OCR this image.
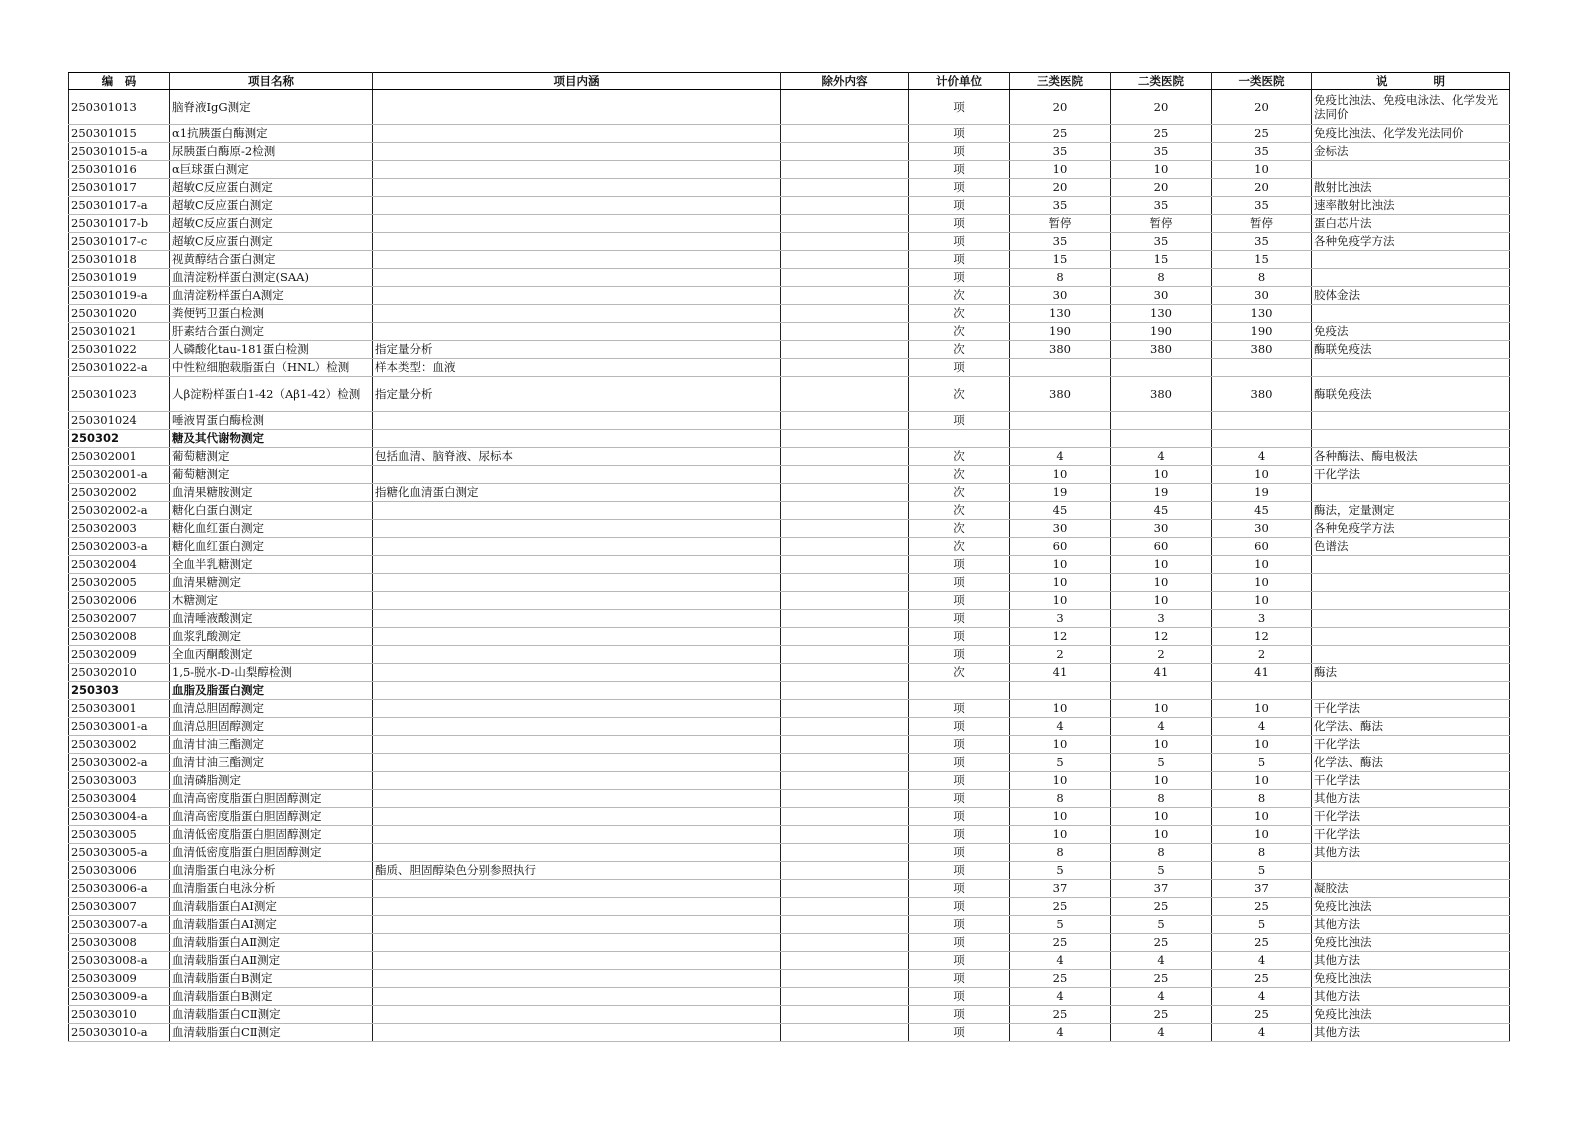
编　码	项目名称	项目内涵	除外内容	计价单位	三类医院	二类医院	一类医院	说　　　　明
250301013	脑脊液IgG测定			项	20	20	20	免疫比浊法、免疫电泳法、化学发光法同价
250301015	α1抗胰蛋白酶测定			项	25	25	25	免疫比浊法、化学发光法同价
250301015-a	尿胰蛋白酶原-2检测			项	35	35	35	金标法
250301016	α巨球蛋白测定			项	10	10	10	
250301017	超敏C反应蛋白测定			项	20	20	20	散射比浊法
250301017-a	超敏C反应蛋白测定			项	35	35	35	速率散射比浊法
250301017-b	超敏C反应蛋白测定			项	暂停	暂停	暂停	蛋白芯片法
250301017-c	超敏C反应蛋白测定			项	35	35	35	各种免疫学方法
250301018	视黄醇结合蛋白测定			项	15	15	15	
250301019	血清淀粉样蛋白测定(SAA)			项	8	8	8	
250301019-a	血清淀粉样蛋白A测定			次	30	30	30	胶体金法
250301020	粪便钙卫蛋白检测			次	130	130	130	
250301021	肝素结合蛋白测定			次	190	190	190	免疫法
250301022	人磷酸化tau-181蛋白检测	指定量分析		次	380	380	380	酶联免疫法
250301022-a	中性粒细胞载脂蛋白（HNL）检测	样本类型：血液		项				
250301023	人β淀粉样蛋白1-42（Aβ1-42）检测	指定量分析		次	380	380	380	酶联免疫法
250301024	唾液胃蛋白酶检测			项				
250302	糖及其代谢物测定							
250302001	葡萄糖测定	包括血清、脑脊液、尿标本		次	4	4	4	各种酶法、酶电极法
250302001-a	葡萄糖测定			次	10	10	10	干化学法
250302002	血清果糖胺测定	指糖化血清蛋白测定		次	19	19	19	
250302002-a	糖化白蛋白测定			次	45	45	45	酶法，定量测定
250302003	糖化血红蛋白测定			次	30	30	30	各种免疫学方法
250302003-a	糖化血红蛋白测定			次	60	60	60	色谱法
250302004	全血半乳糖测定			项	10	10	10	
250302005	血清果糖测定			项	10	10	10	
250302006	木糖测定			项	10	10	10	
250302007	血清唾液酸测定			项	3	3	3	
250302008	血浆乳酸测定			项	12	12	12	
250302009	全血丙酮酸测定			项	2	2	2	
250302010	1,5-脱水-D-山梨醇检测			次	41	41	41	酶法
250303	血脂及脂蛋白测定							
250303001	血清总胆固醇测定			项	10	10	10	干化学法
250303001-a	血清总胆固醇测定			项	4	4	4	化学法、酶法
250303002	血清甘油三酯测定			项	10	10	10	干化学法
250303002-a	血清甘油三酯测定			项	5	5	5	化学法、酶法
250303003	血清磷脂测定			项	10	10	10	干化学法
250303004	血清高密度脂蛋白胆固醇测定			项	8	8	8	其他方法
250303004-a	血清高密度脂蛋白胆固醇测定			项	10	10	10	干化学法
250303005	血清低密度脂蛋白胆固醇测定			项	10	10	10	干化学法
250303005-a	血清低密度脂蛋白胆固醇测定			项	8	8	8	其他方法
250303006	血清脂蛋白电泳分析	酯质、胆固醇染色分别参照执行		项	5	5	5	
250303006-a	血清脂蛋白电泳分析			项	37	37	37	凝胶法
250303007	血清载脂蛋白AⅠ测定			项	25	25	25	免疫比浊法
250303007-a	血清载脂蛋白AⅠ测定			项	5	5	5	其他方法
250303008	血清载脂蛋白AⅡ测定			项	25	25	25	免疫比浊法
250303008-a	血清载脂蛋白AⅡ测定			项	4	4	4	其他方法
250303009	血清载脂蛋白B测定			项	25	25	25	免疫比浊法
250303009-a	血清载脂蛋白B测定			项	4	4	4	其他方法
250303010	血清载脂蛋白CⅡ测定			项	25	25	25	免疫比浊法
250303010-a	血清载脂蛋白CⅡ测定			项	4	4	4	其他方法
